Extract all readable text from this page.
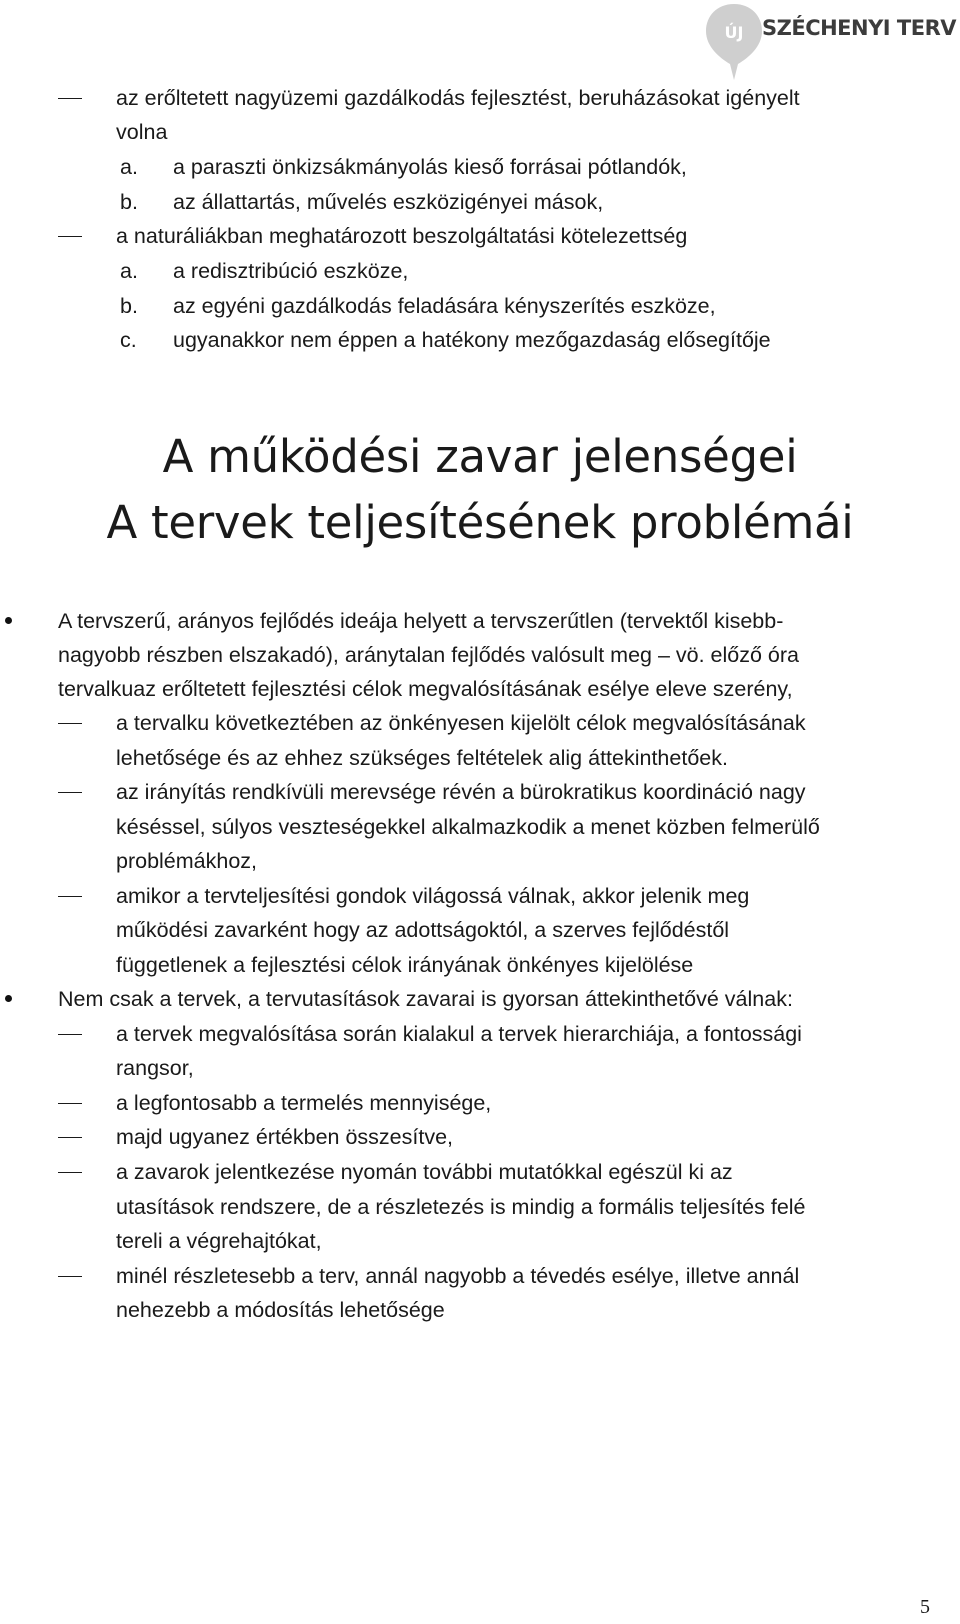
ÚJ SZÉCHENYI TERV
az erőltetett nagyüzemi gazdálkodás fejlesztést, beruházásokat igényelt
volna
a. a paraszti önkizsákmányolás kieső forrásai pótlandók,
b. az állattartás, művelés eszközigényei mások,
a naturáliákban meghatározott beszolgáltatási kötelezettség
a. a redisztribúció eszköze,
b. az egyéni gazdálkodás feladására kényszerítés eszköze,
c. ugyanakkor nem éppen a hatékony mezőgazdaság elősegítője
A működési zavar jelenségei
A tervek teljesítésének problémái
A tervszerű, arányos fejlődés ideája helyett a tervszerűtlen (tervektől kisebb-
nagyobb részben elszakadó), aránytalan fejlődés valósult meg – vö. előző óra
tervalkuaz erőltetett fejlesztési célok megvalósításának esélye eleve szerény,
a tervalku következtében az önkényesen kijelölt célok megvalósításának
lehetősége és az ehhez szükséges feltételek alig áttekinthetőek.
az irányítás rendkívüli merevsége révén a bürokratikus koordináció nagy
késéssel, súlyos veszteségekkel alkalmazkodik a menet közben felmerülő
problémákhoz,
amikor a tervteljesítési gondok világossá válnak, akkor jelenik meg
működési zavarként hogy az adottságoktól, a szerves fejlődéstől
függetlenek a fejlesztési célok irányának önkényes kijelölése
Nem csak a tervek, a tervutasítások zavarai is gyorsan áttekinthetővé válnak:
a tervek megvalósítása során kialakul a tervek hierarchiája, a fontossági
rangsor,
a legfontosabb a termelés mennyisége,
majd ugyanez értékben összesítve,
a zavarok jelentkezése nyomán további mutatókkal egészül ki az
utasítások rendszere, de a részletezés is mindig a formális teljesítés felé
tereli a végrehajtókat,
minél részletesebb a terv, annál nagyobb a tévedés esélye, illetve annál
nehezebb a módosítás lehetősége
5
